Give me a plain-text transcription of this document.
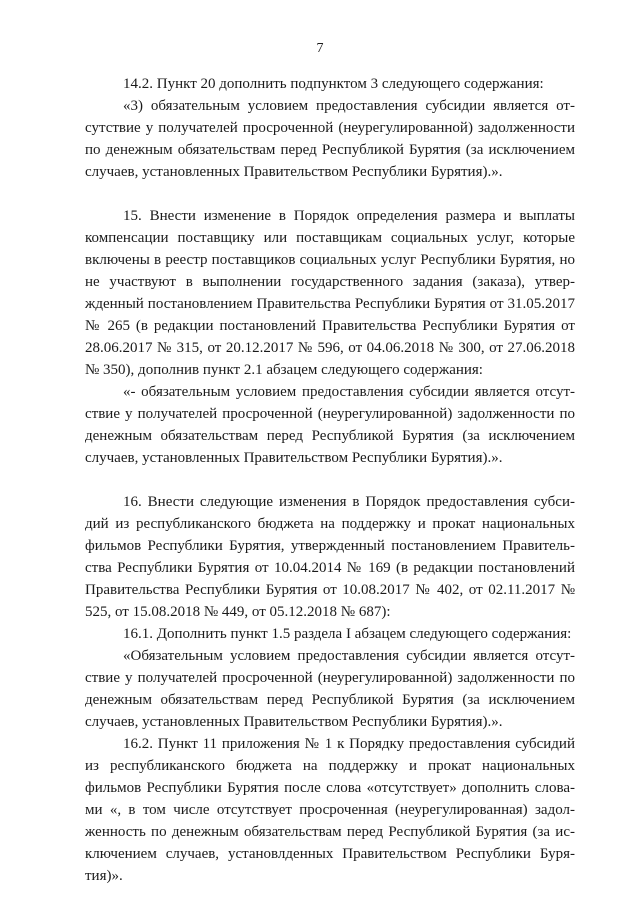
7

14.2. Пункт 20 дополнить подпунктом 3 следующего содержания:

«3) обязательным условием предоставления субсидии является отсутствие у получателей просроченной (неурегулированной) задолженности по денежным обязательствам перед Республикой Бурятия (за исключением случаев, установленных Правительством Республики Бурятия).».

15. Внести изменение в Порядок определения размера и выплаты компенсации поставщику или поставщикам социальных услуг, которые включены в реестр поставщиков социальных услуг Республики Бурятия, но не участвуют в выполнении государственного задания (заказа), утвержденный постановлением Правительства Республики Бурятия от 31.05.2017 № 265 (в редакции постановлений Правительства Республики Бурятия от 28.06.2017 № 315, от 20.12.2017 № 596, от 04.06.2018 № 300, от 27.06.2018 № 350), дополнив пункт 2.1 абзацем следующего содержания:

«- обязательным условием предоставления субсидии является отсутствие у получателей просроченной (неурегулированной) задолженности по денежным обязательствам перед Республикой Бурятия (за исключением случаев, установленных Правительством Республики Бурятия).».

16. Внести следующие изменения в Порядок предоставления субсидий из республиканского бюджета на поддержку и прокат национальных фильмов Республики Бурятия, утвержденный постановлением Правительства Республики Бурятия от 10.04.2014 № 169 (в редакции постановлений Правительства Республики Бурятия от 10.08.2017 № 402, от 02.11.2017 № 525, от 15.08.2018 № 449, от 05.12.2018 № 687):

16.1. Дополнить пункт 1.5 раздела I абзацем следующего содержания:

«Обязательным условием предоставления субсидии является отсутствие у получателей просроченной (неурегулированной) задолженности по денежным обязательствам перед Республикой Бурятия (за исключением случаев, установленных Правительством Республики Бурятия).».

16.2. Пункт 11 приложения № 1 к Порядку предоставления субсидий из республиканского бюджета на поддержку и прокат национальных фильмов Республики Бурятия после слова «отсутствует» дополнить словами «, в том числе отсутствует просроченная (неурегулированная) задолженность по денежным обязательствам перед Республикой Бурятия (за исключением случаев, установлденных Правительством Республики Бурятия)».
